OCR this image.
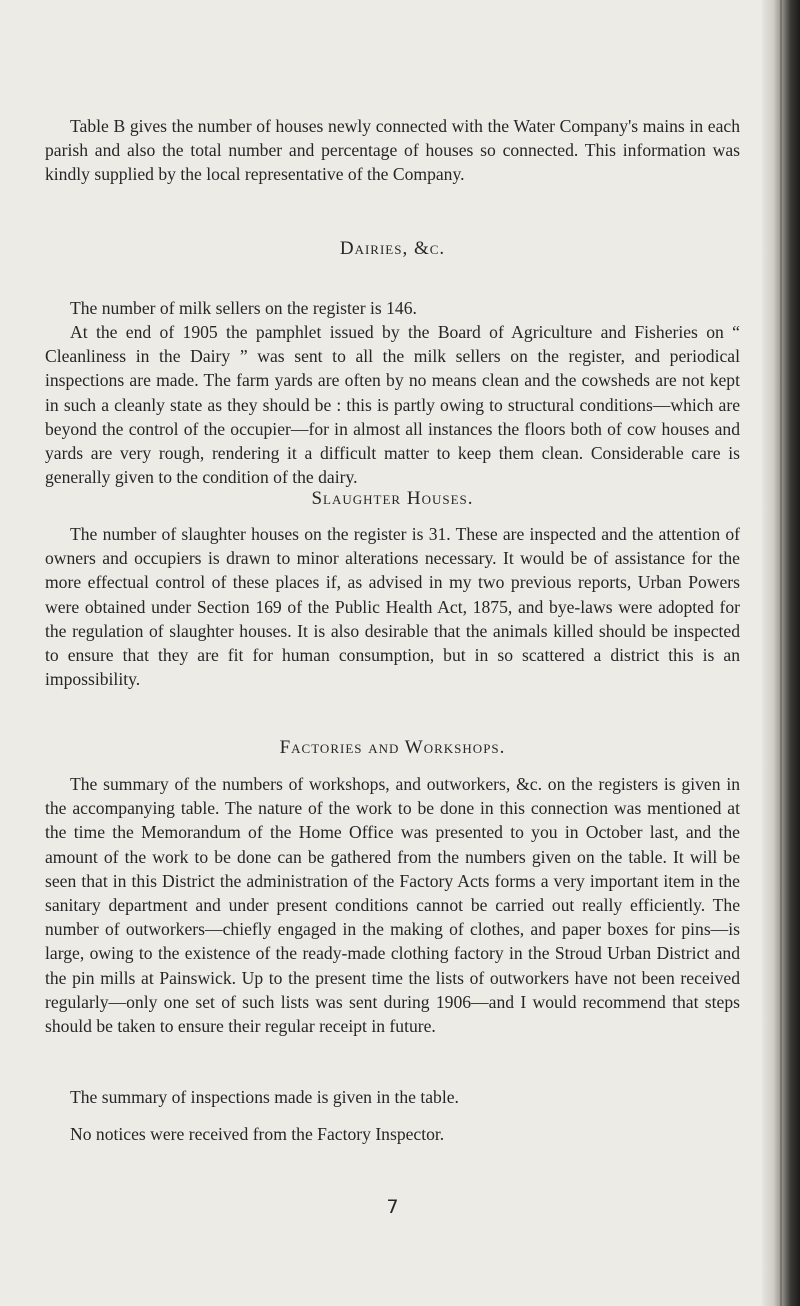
Table B gives the number of houses newly connected with the Water Company's mains in each parish and also the total number and percentage of houses so connected. This information was kindly supplied by the local representative of the Company.

Dairies, &c.

The number of milk sellers on the register is 146.

At the end of 1905 the pamphlet issued by the Board of Agriculture and Fisheries on “ Cleanliness in the Dairy ” was sent to all the milk sellers on the register, and periodical inspections are made. The farm yards are often by no means clean and the cowsheds are not kept in such a cleanly state as they should be : this is partly owing to structural conditions—which are beyond the control of the occupier—for in almost all instances the floors both of cow houses and yards are very rough, rendering it a difficult matter to keep them clean. Considerable care is generally given to the condition of the dairy.

Slaughter Houses.

The number of slaughter houses on the register is 31. These are inspected and the attention of owners and occupiers is drawn to minor alterations necessary. It would be of assistance for the more effectual control of these places if, as advised in my two previous reports, Urban Powers were obtained under Section 169 of the Public Health Act, 1875, and bye-laws were adopted for the regulation of slaughter houses. It is also desirable that the animals killed should be inspected to ensure that they are fit for human consumption, but in so scattered a district this is an impossibility.

Factories and Workshops.

The summary of the numbers of workshops, and outworkers, &c. on the registers is given in the accompanying table. The nature of the work to be done in this connection was mentioned at the time the Memorandum of the Home Office was presented to you in October last, and the amount of the work to be done can be gathered from the numbers given on the table. It will be seen that in this District the administration of the Factory Acts forms a very important item in the sanitary department and under present conditions cannot be carried out really efficiently. The number of outworkers—chiefly engaged in the making of clothes, and paper boxes for pins—is large, owing to the existence of the ready-made clothing factory in the Stroud Urban District and the pin mills at Painswick. Up to the present time the lists of outworkers have not been received regularly—only one set of such lists was sent during 1906—and I would recommend that steps should be taken to ensure their regular receipt in future.

The summary of inspections made is given in the table.

No notices were received from the Factory Inspector.

7
